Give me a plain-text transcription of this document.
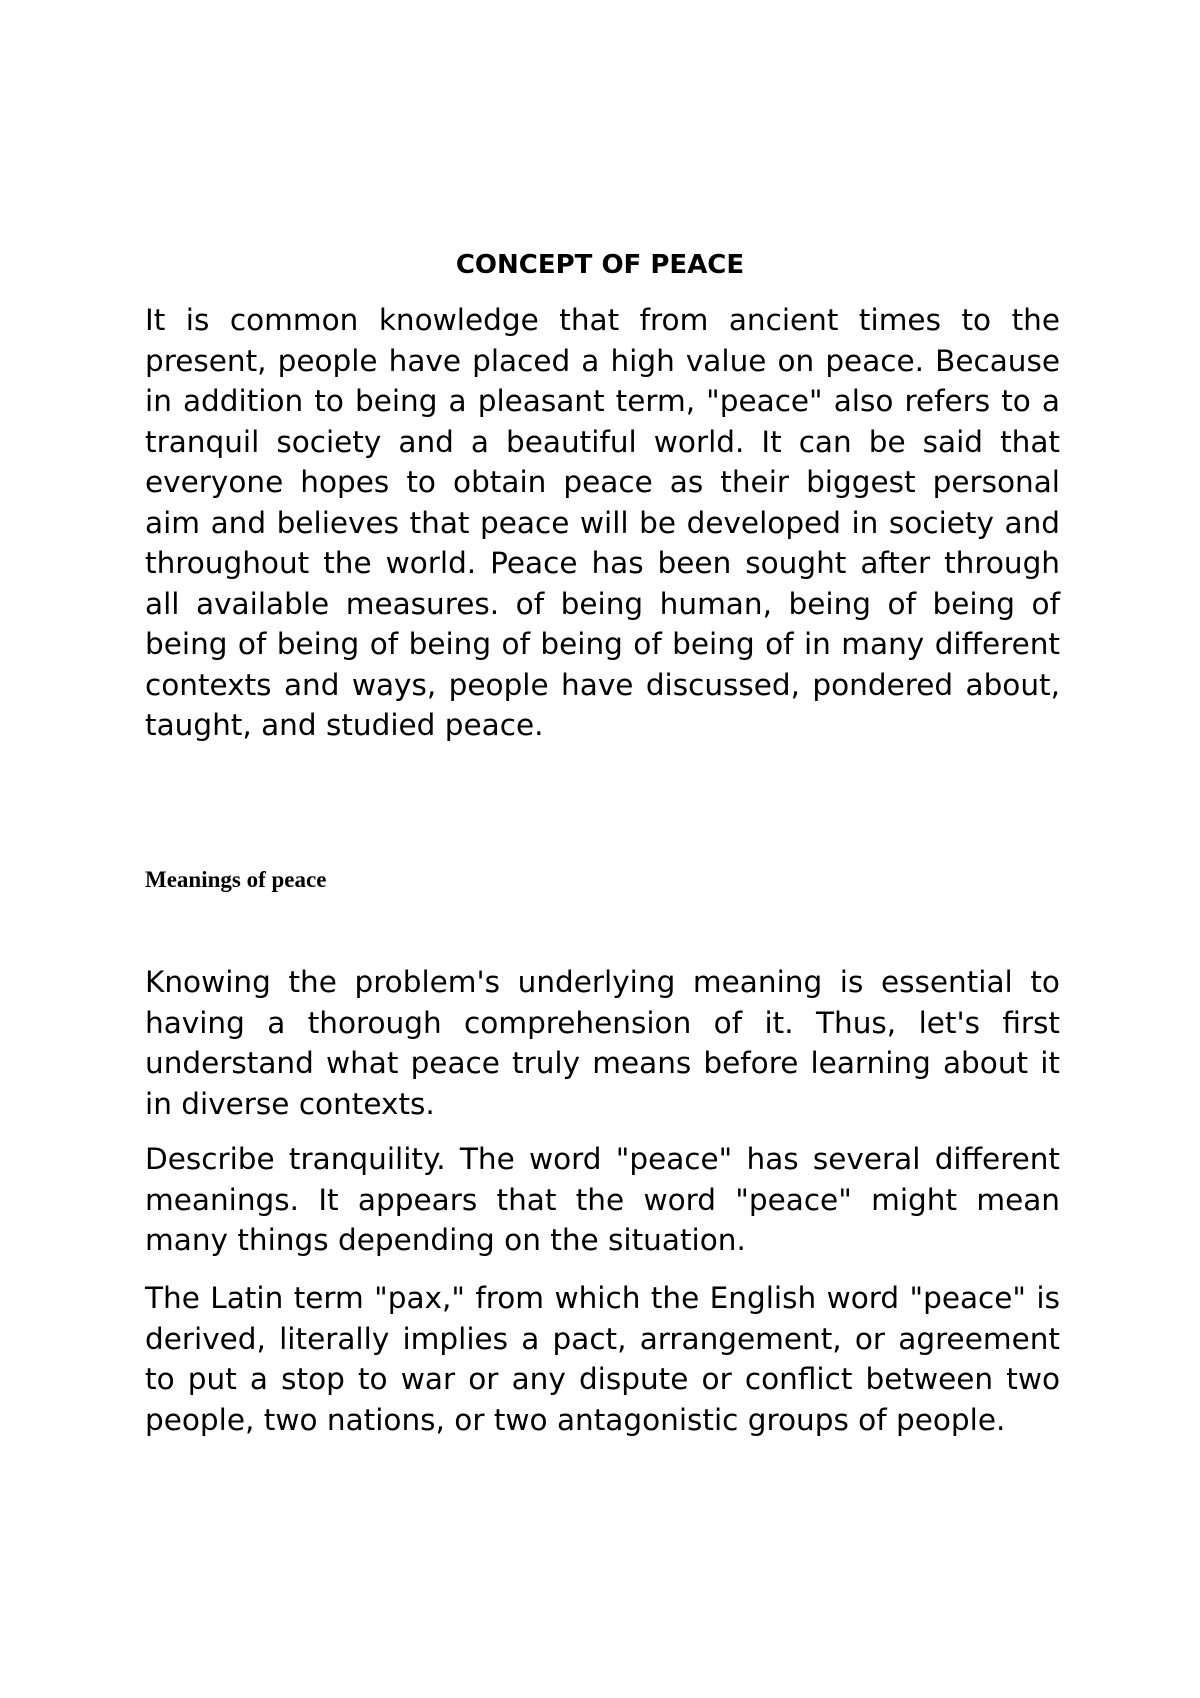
CONCEPT OF PEACE

It is common knowledge that from ancient times to the present, people have placed a high value on peace. Because in addition to being a pleasant term, "peace" also refers to a tranquil society and a beautiful world. It can be said that everyone hopes to obtain peace as their biggest personal aim and believes that peace will be developed in society and throughout the world. Peace has been sought after through all available measures. of being human, being of being of being of being of being of being of being of in many different contexts and ways, people have discussed, pondered about, taught, and studied peace.

Meanings of peace

Knowing the problem's underlying meaning is essential to having a thorough comprehension of it. Thus, let's first understand what peace truly means before learning about it in diverse contexts.

Describe tranquility. The word "peace" has several different meanings. It appears that the word "peace" might mean many things depending on the situation.

The Latin term "pax," from which the English word "peace" is derived, literally implies a pact, arrangement, or agreement to put a stop to war or any dispute or conflict between two people, two nations, or two antagonistic groups of people.
